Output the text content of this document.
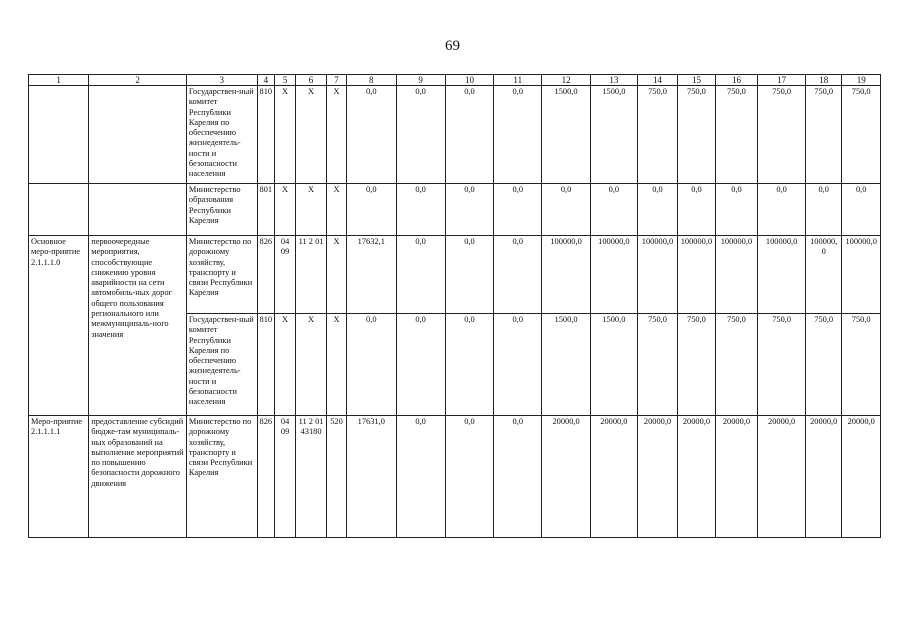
69
1	2	3	4	5	6	7	8	9	10	11	12	13	14	15	16	17	18	19
		Государствен-ный комитет Республики Карелия по обеспечению жизнедеятель-ности и безопасности населения	810	Х	Х	Х	0,0	0,0	0,0	0,0	1500,0	1500,0	750,0	750,0	750,0	750,0	750,0	750,0
		Министерство образования Республики Карелия	801	Х	Х	Х	0,0	0,0	0,0	0,0	0,0	0,0	0,0	0,0	0,0	0,0	0,0	0,0
Основное меро-приятие 2.1.1.1.0	первоочередные мероприятия, способствующие снижению уровня аварийности на сети автомобиль-ных дорог общего пользования регионального или межмуниципаль-ного значения	Министерство по дорожному хозяйству, транспорту и связи Республики Карелия	826	04 09	11 2 01	Х	17632,1	0,0	0,0	0,0	100000,0	100000,0	100000,0	100000,0	100000,0	100000,0	100000,0	100000,0
		Государствен-ный комитет Республики Карелия по обеспечению жизнедеятель-ности и безопасности населения	810	Х	Х	Х	0,0	0,0	0,0	0,0	1500,0	1500,0	750,0	750,0	750,0	750,0	750,0	750,0
Меро-приятие 2.1.1.1.1	предоставление субсидий бюдже-там муниципаль-ных образований на выполнение мероприятий по повышению безопасности дорожного движения	Министерство по дорожному хозяйству, транспорту и связи Республики Карелия	826	04 09	11 2 01 43180	520	17631,0	0,0	0,0	0,0	20000,0	20000,0	20000,0	20000,0	20000,0	20000,0	20000,0	20000,0
